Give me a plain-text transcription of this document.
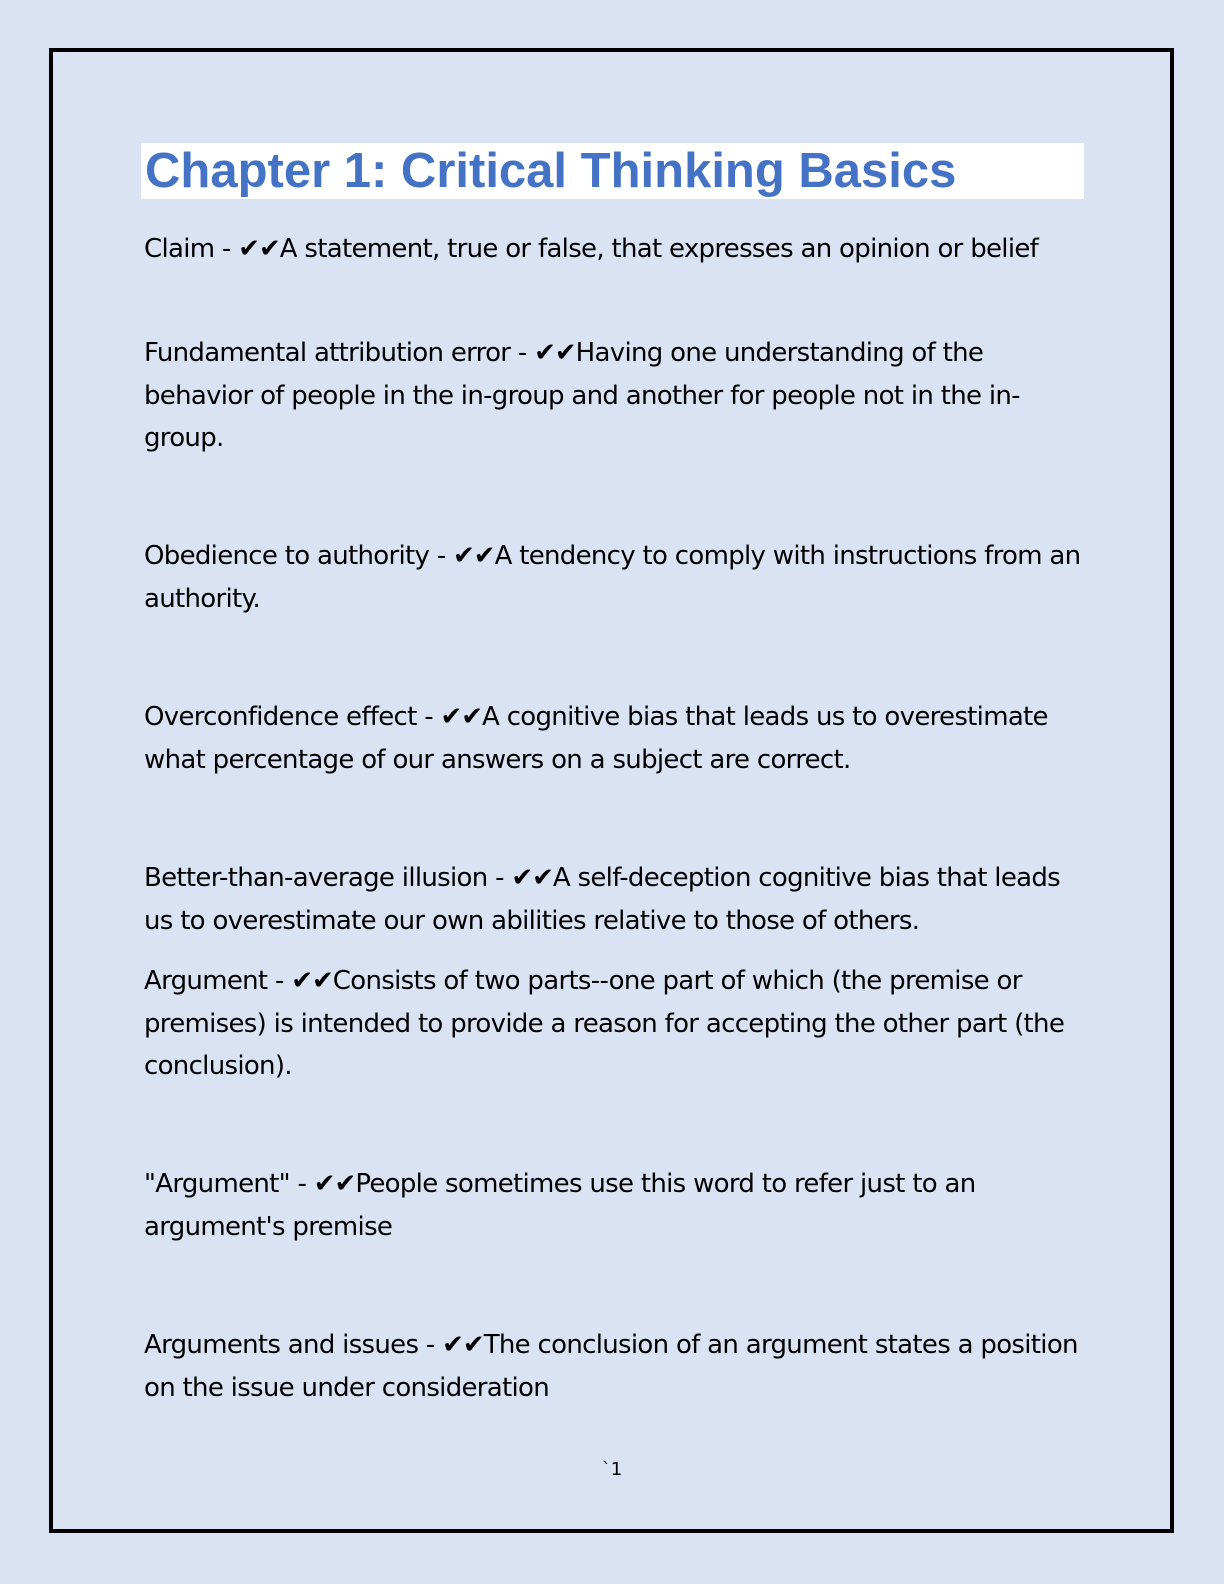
Chapter 1: Critical Thinking Basics

Claim - ✔✔A statement, true or false, that expresses an opinion or belief

Fundamental attribution error - ✔✔Having one understanding of the behavior of people in the in-group and another for people not in the in-group.

Obedience to authority - ✔✔A tendency to comply with instructions from an authority.

Overconfidence effect - ✔✔A cognitive bias that leads us to overestimate what percentage of our answers on a subject are correct.

Better-than-average illusion - ✔✔A self-deception cognitive bias that leads us to overestimate our own abilities relative to those of others.

Argument - ✔✔Consists of two parts--one part of which (the premise or premises) is intended to provide a reason for accepting the other part (the conclusion).

"Argument" - ✔✔People sometimes use this word to refer just to an argument's premise

Arguments and issues - ✔✔The conclusion of an argument states a position on the issue under consideration

`1
